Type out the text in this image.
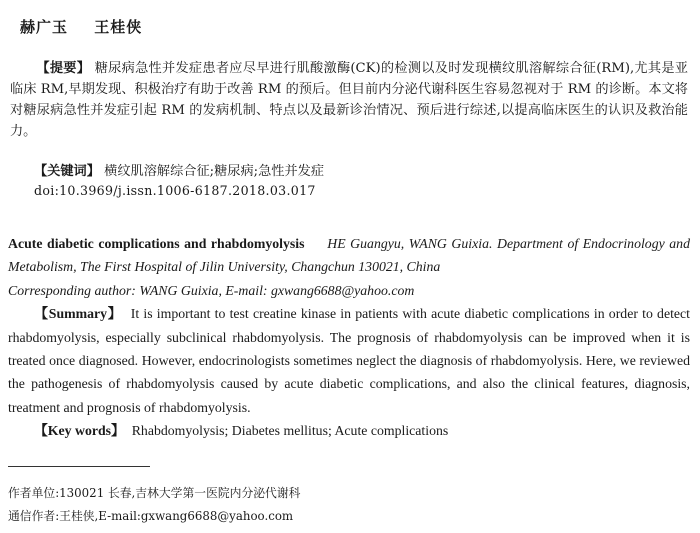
赫广玉 王桂侠

【提要】 糖尿病急性并发症患者应尽早进行肌酸激酶(CK)的检测以及时发现横纹肌溶解综合征(RM),尤其是亚临床 RM,早期发现、积极治疗有助于改善 RM 的预后。但目前内分泌代谢科医生容易忽视对于 RM 的诊断。本文将对糖尿病急性并发症引起 RM 的发病机制、特点以及最新诊治情况、预后进行综述,以提高临床医生的认识及救治能力。

【关键词】 横纹肌溶解综合征;糖尿病;急性并发症
doi:10.3969/j.issn.1006-6187.2018.03.017

Acute diabetic complications and rhabdomyolysis HE Guangyu, WANG Guixia. Department of Endocrinology and Metabolism, The First Hospital of Jilin University, Changchun 130021, China

Corresponding author: WANG Guixia, E-mail: gxwang6688@yahoo.com

【Summary】 It is important to test creatine kinase in patients with acute diabetic complications in order to detect rhabdomyolysis, especially subclinical rhabdomyolysis. The prognosis of rhabdomyolysis can be improved when it is treated once diagnosed. However, endocrinologists sometimes neglect the diagnosis of rhabdomyolysis. Here, we reviewed the pathogenesis of rhabdomyolysis caused by acute diabetic complications, and also the clinical features, diagnosis, treatment and prognosis of rhabdomyolysis.

【Key words】 Rhabdomyolysis; Diabetes mellitus; Acute complications

作者单位:130021 长春,吉林大学第一医院内分泌代谢科
通信作者:王桂侠,E-mail:gxwang6688@yahoo.com
